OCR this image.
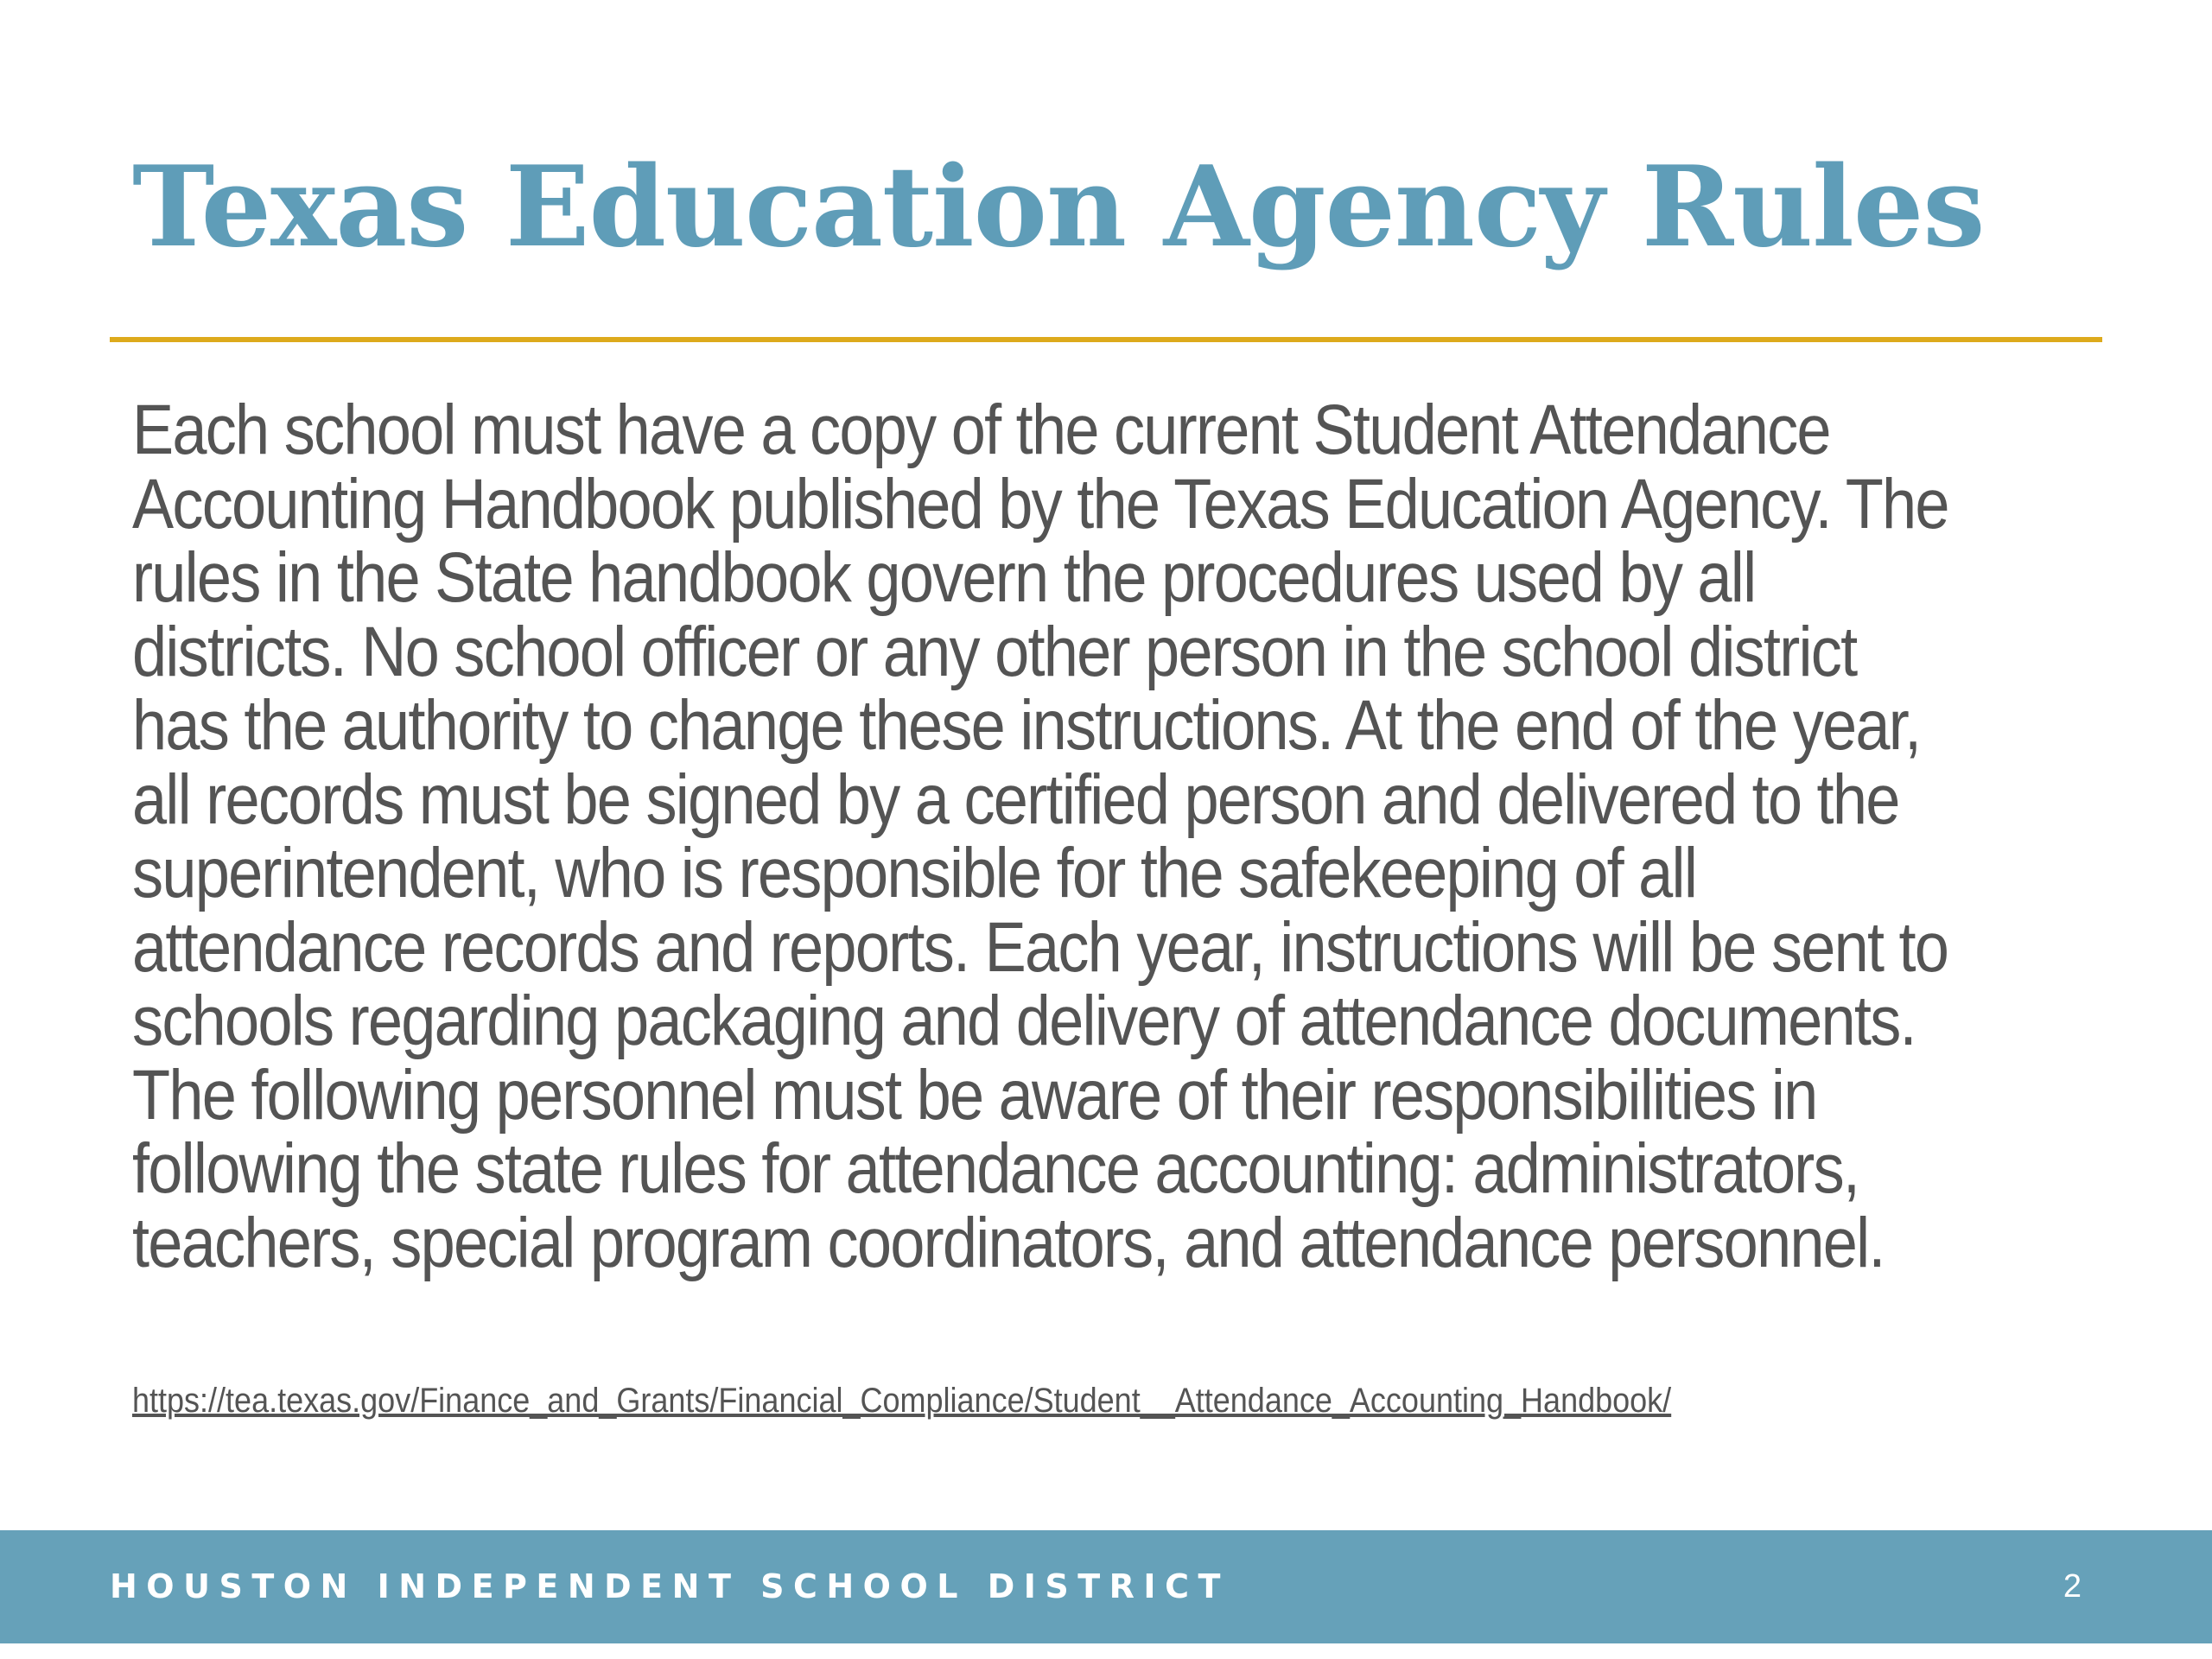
Texas Education Agency Rules

Each school must have a copy of the current Student Attendance
Accounting Handbook published by the Texas Education Agency. The
rules in the State handbook govern the procedures used by all
districts. No school officer or any other person in the school district
has the authority to change these instructions. At the end of the year,
all records must be signed by a certified person and delivered to the
superintendent, who is responsible for the safekeeping of all
attendance records and reports. Each year, instructions will be sent to
schools regarding packaging and delivery of attendance documents.
The following personnel must be aware of their responsibilities in
following the state rules for attendance accounting: administrators,
teachers, special program coordinators, and attendance personnel.

https://tea.texas.gov/Finance_and_Grants/Financial_Compliance/Student__Attendance_Accounting_Handbook/
HOUSTON INDEPENDENT SCHOOL DISTRICT	2
